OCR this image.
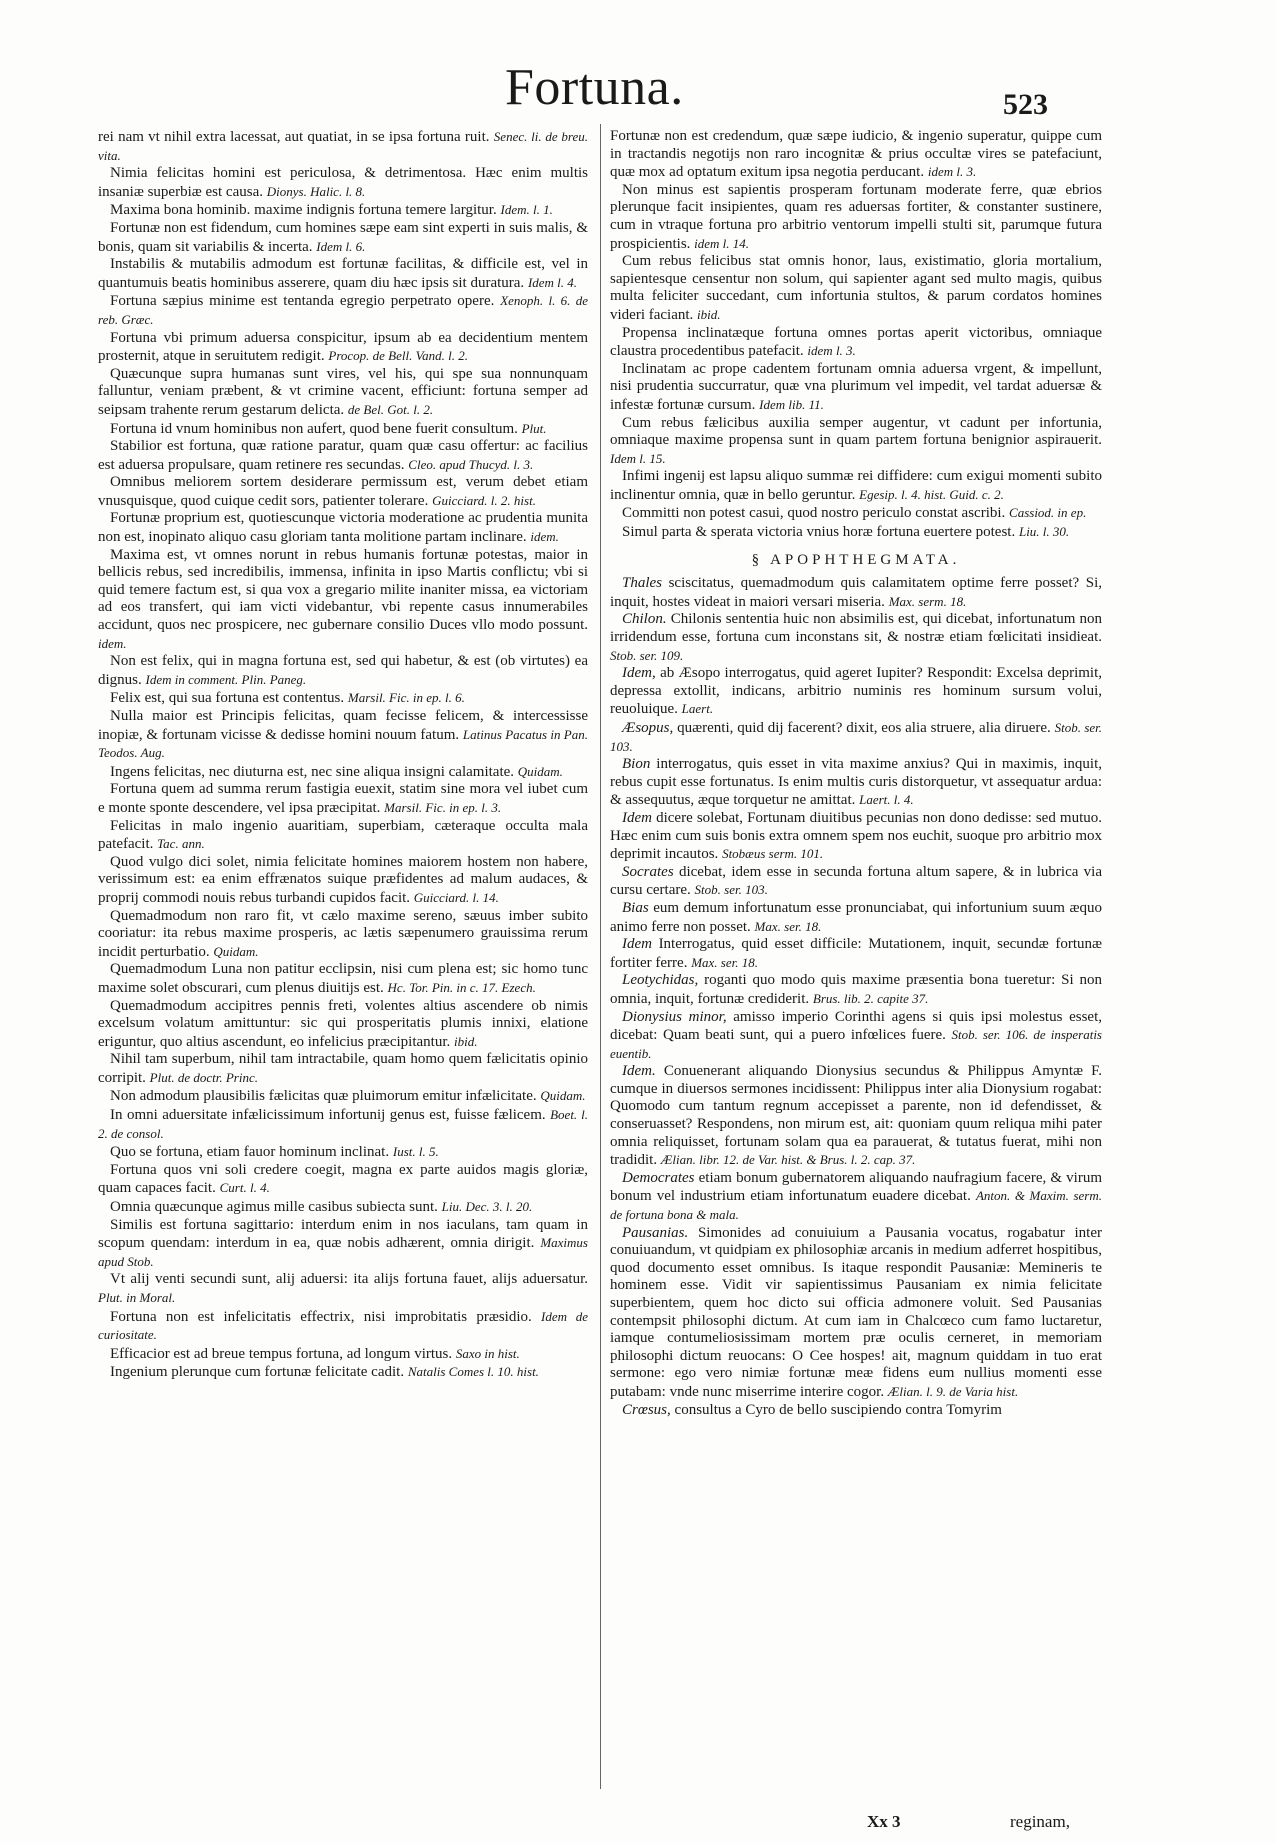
Fortuna.	523

rei nam vt nihil extra lacessat, aut quatiat, in se ipsa fortuna ruit. Senec. li. de breu. vita.

Nimia felicitas homini est periculosa, & detrimentosa. Hæc enim multis insaniæ superbiæ est causa. Dionys. Halic. l. 8.

Maxima bona hominib. maxime indignis fortuna temere largitur. Idem. l. 1.

Fortunæ non est fidendum, cum homines sæpe eam sint experti in suis malis, & bonis, quam sit variabilis & incerta. Idem l. 6.

Instabilis & mutabilis admodum est fortunæ facilitas, & difficile est, vel in quantumuis beatis hominibus asserere, quam diu hæc ipsis sit duratura. Idem l. 4.

Fortuna sæpius minime est tentanda egregio perpetrato opere. Xenoph. l. 6. de reb. Græc.

Fortuna vbi primum aduersa conspicitur, ipsum ab ea decidentium mentem prosternit, atque in seruitutem redigit. Procop. de Bell. Vand. l. 2.

Quæcunque supra humanas sunt vires, vel his, qui spe sua nonnunquam falluntur, veniam præbent, & vt crimine vacent, efficiunt: fortuna semper ad seipsam trahente rerum gestarum delicta. de Bel. Got. l. 2.

Fortuna id vnum hominibus non aufert, quod bene fuerit consultum. Plut.

Stabilior est fortuna, quæ ratione paratur, quam quæ casu offertur: ac facilius est aduersa propulsare, quam retinere res secundas. Cleo. apud Thucyd. l. 3.

Omnibus meliorem sortem desiderare permissum est, verum debet etiam vnusquisque, quod cuique cedit sors, patienter tolerare. Guicciard. l. 2. hist.

Fortunæ proprium est, quotiescunque victoria moderatione ac prudentia munita non est, inopinato aliquo casu gloriam tanta molitione partam inclinare. idem.

Maxima est, vt omnes norunt in rebus humanis fortunæ potestas, maior in bellicis rebus, sed incredibilis, immensa, infinita in ipso Martis conflictu; vbi si quid temere factum est, si qua vox a gregario milite inaniter missa, ea victoriam ad eos transfert, qui iam victi videbantur, vbi repente casus innumerabiles accidunt, quos nec prospicere, nec gubernare consilio Duces vllo modo possunt. idem.

Non est felix, qui in magna fortuna est, sed qui habetur, & est (ob virtutes) ea dignus. Idem in comment. Plin. Paneg.

Felix est, qui sua fortuna est contentus. Marsil. Fic. in ep. l. 6.

Nulla maior est Principis felicitas, quam fecisse felicem, & intercessisse inopiæ, & fortunam vicisse & dedisse homini nouum fatum. Latinus Pacatus in Pan. Teodos. Aug.

Ingens felicitas, nec diuturna est, nec sine aliqua insigni calamitate. Quidam.

Fortuna quem ad summa rerum fastigia euexit, statim sine mora vel iubet cum e monte sponte descendere, vel ipsa præcipitat. Marsil. Fic. in ep. l. 3.

Felicitas in malo ingenio auaritiam, superbiam, cæteraque occulta mala patefacit. Tac. ann.

Quod vulgo dici solet, nimia felicitate homines maiorem hostem non habere, verissimum est: ea enim effrænatos suique præfidentes ad malum audaces, & proprij commodi nouis rebus turbandi cupidos facit. Guicciard. l. 14.

Quemadmodum non raro fit, vt cælo maxime sereno, sæuus imber subito cooriatur: ita rebus maxime prosperis, ac lætis sæpenumero grauissima rerum incidit perturbatio. Quidam.

Quemadmodum Luna non patitur ecclipsin, nisi cum plena est; sic homo tunc maxime solet obscurari, cum plenus diuitijs est. Hc. Tor. Pin. in c. 17. Ezech.

Quemadmodum accipitres pennis freti, volentes altius ascendere ob nimis excelsum volatum amittuntur: sic qui prosperitatis plumis innixi, elatione eriguntur, quo altius ascendunt, eo infelicius præcipitantur. ibid.

Nihil tam superbum, nihil tam intractabile, quam homo quem fælicitatis opinio corripit. Plut. de doctr. Princ.

Non admodum plausibilis fælicitas quæ pluimorum emitur infælicitate. Quidam.

In omni aduersitate infælicissimum infortunij genus est, fuisse fælicem. Boet. l. 2. de consol.

Quo se fortuna, etiam fauor hominum inclinat. Iust. l. 5.

Fortuna quos vni soli credere coegit, magna ex parte auidos magis gloriæ, quam capaces facit. Curt. l. 4.

Omnia quæcunque agimus mille casibus subiecta sunt. Liu. Dec. 3. l. 20.

Similis est fortuna sagittario: interdum enim in nos iaculans, tam quam in scopum quendam: interdum in ea, quæ nobis adhærent, omnia dirigit. Maximus apud Stob.

Vt alij venti secundi sunt, alij aduersi: ita alijs fortuna fauet, alijs aduersatur. Plut. in Moral.

Fortuna non est infelicitatis effectrix, nisi improbitatis præsidio. Idem de curiositate.

Efficacior est ad breue tempus fortuna, ad longum virtus. Saxo in hist.

Ingenium plerunque cum fortunæ felicitate cadit. Natalis Comes l. 10. hist.

Fortunæ non est credendum, quæ sæpe iudicio, & ingenio superatur, quippe cum in tractandis negotijs non raro incognitæ & prius occultæ vires se patefaciunt, quæ mox ad optatum exitum ipsa negotia perducant. idem l. 3.

Non minus est sapientis prosperam fortunam moderate ferre, quæ ebrios plerunque facit insipientes, quam res aduersas fortiter, & constanter sustinere, cum in vtraque fortuna pro arbitrio ventorum impelli stulti sit, parumque futura prospicientis. idem l. 14.

Cum rebus felicibus stat omnis honor, laus, existimatio, gloria mortalium, sapientesque censentur non solum, qui sapienter agant sed multo magis, quibus multa feliciter succedant, cum infortunia stultos, & parum cordatos homines videri faciant. ibid.

Propensa inclinatæque fortuna omnes portas aperit victoribus, omniaque claustra procedentibus patefacit. idem l. 3.

Inclinatam ac prope cadentem fortunam omnia aduersa vrgent, & impellunt, nisi prudentia succurratur, quæ vna plurimum vel impedit, vel tardat aduersæ & infestæ fortunæ cursum. Idem lib. 11.

Cum rebus fælicibus auxilia semper augentur, vt cadunt per infortunia, omniaque maxime propensa sunt in quam partem fortuna benignior aspirauerit. Idem l. 15.

Infimi ingenij est lapsu aliquo summæ rei diffidere: cum exigui momenti subito inclinentur omnia, quæ in bello geruntur. Egesip. l. 4. hist. Guid. c. 2.

Committi non potest casui, quod nostro periculo constat ascribi. Cassiod. in ep.

Simul parta & sperata victoria vnius horæ fortuna euertere potest. Liu. l. 30.

§ APOPHTHEGMATA.

Thales sciscitatus, quemadmodum quis calamitatem optime ferre posset? Si, inquit, hostes videat in maiori versari miseria. Max. serm. 18.

Chilon. Chilonis sententia huic non absimilis est, qui dicebat, infortunatum non irridendum esse, fortuna cum inconstans sit, & nostræ etiam fœlicitati insidieat. Stob. ser. 109.

Idem, ab Æsopo interrogatus, quid ageret Iupiter? Respondit: Excelsa deprimit, depressa extollit, indicans, arbitrio numinis res hominum sursum volui, reuoluique. Laert.

Æsopus, quærenti, quid dij facerent? dixit, eos alia struere, alia diruere. Stob. ser. 103.

Bion interrogatus, quis esset in vita maxime anxius? Qui in maximis, inquit, rebus cupit esse fortunatus. Is enim multis curis distorquetur, vt assequatur ardua: & assequutus, æque torquetur ne amittat. Laert. l. 4.

Idem dicere solebat, Fortunam diuitibus pecunias non dono dedisse: sed mutuo. Hæc enim cum suis bonis extra omnem spem nos euchit, suoque pro arbitrio mox deprimit incautos. Stobæus serm. 101.

Socrates dicebat, idem esse in secunda fortuna altum sapere, & in lubrica via cursu certare. Stob. ser. 103.

Bias eum demum infortunatum esse pronunciabat, qui infortunium suum æquo animo ferre non posset. Max. ser. 18.

Idem Interrogatus, quid esset difficile: Mutationem, inquit, secundæ fortunæ fortiter ferre. Max. ser. 18.

Leotychidas, roganti quo modo quis maxime præsentia bona tueretur: Si non omnia, inquit, fortunæ crediderit. Brus. lib. 2. capite 37.

Dionysius minor, amisso imperio Corinthi agens si quis ipsi molestus esset, dicebat: Quam beati sunt, qui a puero infœlices fuere. Stob. ser. 106. de insperatis euentib.

Idem. Conuenerant aliquando Dionysius secundus & Philippus Amyntæ F. cumque in diuersos sermones incidissent: Philippus inter alia Dionysium rogabat: Quomodo cum tantum regnum accepisset a parente, non id defendisset, & conseruasset? Respondens, non mirum est, ait: quoniam quum reliqua mihi pater omnia reliquisset, fortunam solam qua ea parauerat, & tutatus fuerat, mihi non tradidit. Ælian. libr. 12. de Var. hist. & Brus. l. 2. cap. 37.

Democrates etiam bonum gubernatorem aliquando naufragium facere, & virum bonum vel industrium etiam infortunatum euadere dicebat. Anton. & Maxim. serm. de fortuna bona & mala.

Pausanias. Simonides ad conuiuium a Pausania vocatus, rogabatur inter conuiuandum, vt quidpiam ex philosophiæ arcanis in medium adferret hospitibus, quod documento esset omnibus. Is itaque respondit Pausaniæ: Memineris te hominem esse. Vidit vir sapientissimus Pausaniam ex nimia felicitate superbientem, quem hoc dicto sui officia admonere voluit. Sed Pausanias contempsit philosophi dictum. At cum iam in Chalcœco cum famo luctaretur, iamque contumeliosissimam mortem præ oculis cerneret, in memoriam philosophi dictum reuocans: O Cee hospes! ait, magnum quiddam in tuo erat sermone: ego vero nimiæ fortunæ meæ fidens eum nullius momenti esse putabam: vnde nunc miserrime interire cogor. Ælian. l. 9. de Varia hist.

Crœsus, consultus a Cyro de bello suscipiendo contra Tomyrim

Xx 3	reginam,
